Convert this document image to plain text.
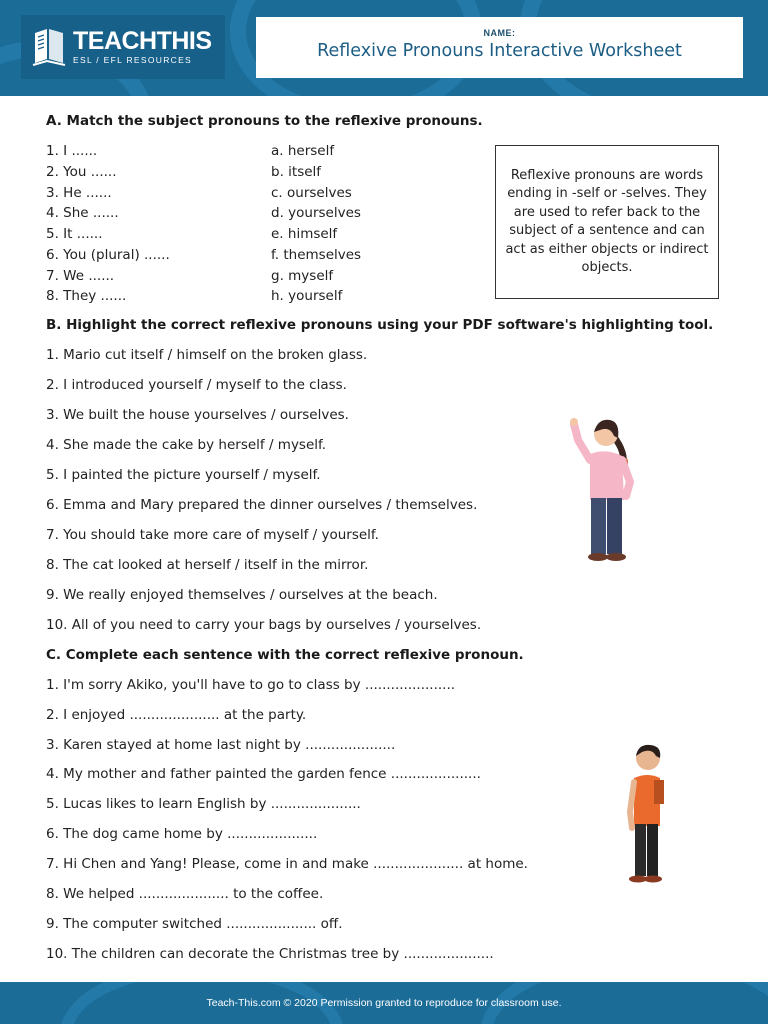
TEACHTHIS
ESL / EFL RESOURCES
NAME:
Reflexive Pronouns Interactive Worksheet
A. Match the subject pronouns to the reflexive pronouns.
1. I ......
2. You ......
3. He ......
4. She ......
5. It ......
6. You (plural) ......
7. We ......
8. They ......
a. herself
b. itself
c. ourselves
d. yourselves
e. himself
f. themselves
g. myself
h. yourself
B. Highlight the correct reflexive pronouns using your PDF software's highlighting tool.
1. Mario cut itself / himself on the broken glass.
2. I introduced yourself / myself to the class.
3. We built the house yourselves / ourselves.
4. She made the cake by herself / myself.
5. I painted the picture yourself / myself.
6. Emma and Mary prepared the dinner ourselves / themselves.
7. You should take more care of myself / yourself.
8. The cat looked at herself / itself in the mirror.
9. We really enjoyed themselves / ourselves at the beach.
10. All of you need to carry your bags by ourselves / yourselves.
C. Complete each sentence with the correct reflexive pronoun.
1. I'm sorry Akiko, you'll have to go to class by .....................
2. I enjoyed ..................... at the party.
3. Karen stayed at home last night by .....................
4. My mother and father painted the garden fence .....................
5. Lucas likes to learn English by .....................
6. The dog came home by .....................
7. Hi Chen and Yang! Please, come in and make ..................... at home.
8. We helped ..................... to the coffee.
9. The computer switched ..................... off.
10. The children can decorate the Christmas tree by .....................
Reflexive pronouns are words ending in -self or -selves. They are used to refer back to the subject of a sentence and can act as either objects or indirect objects.
Teach-This.com © 2020 Permission granted to reproduce for classroom use.
